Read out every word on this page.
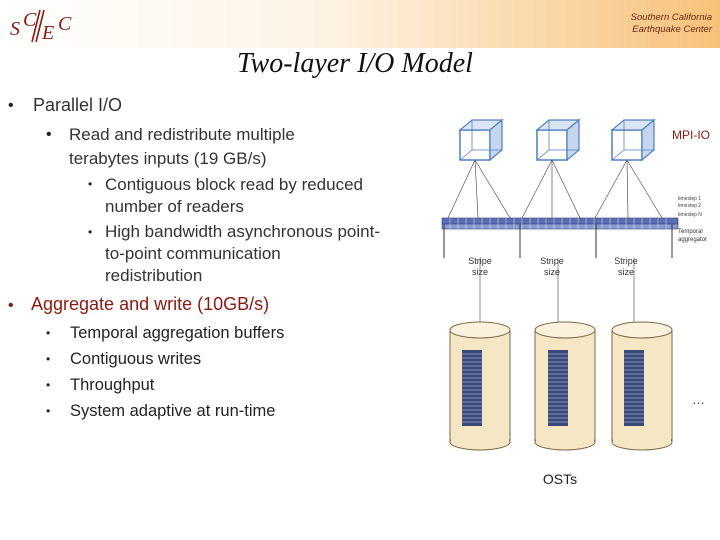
S C
E C	Southern California
Earthquake Center
Two-layer I/O Model
• Parallel I/O
• Read and redistribute multiple
terabytes inputs (19 GB/s)
• Contiguous block read by reduced
number of readers
• High bandwidth asynchronous point-
to-point communication
redistribution
• Aggregate and write (10GB/s)
• Temporal aggregation buffers
• Contiguous writes
• Throughput
• System adaptive at run-time
MPI-IO
timestep 1
timestep 2
timestep N
Temporal
aggregator
Stripe
size
Stripe
size
Stripe
size
…
OSTs
